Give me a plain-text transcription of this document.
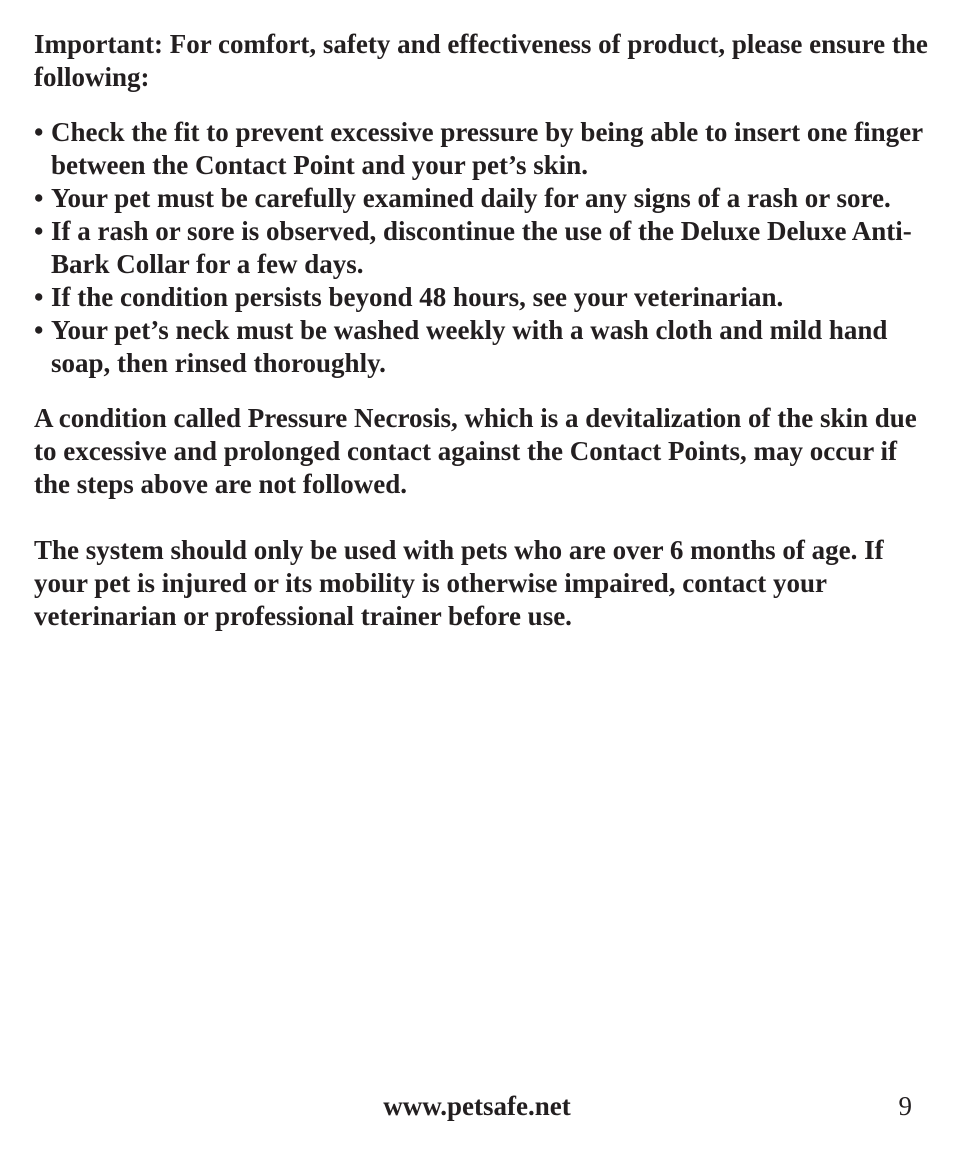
Important: For comfort, safety and effectiveness of product, please ensure the following:

• Check the fit to prevent excessive pressure by being able to insert one finger between the Contact Point and your pet’s skin.
• Your pet must be carefully examined daily for any signs of a rash or sore.
• If a rash or sore is observed, discontinue the use of the Deluxe Deluxe Anti-Bark Collar for a few days.
• If the condition persists beyond 48 hours, see your veterinarian.
• Your pet’s neck must be washed weekly with a wash cloth and mild hand soap, then rinsed thoroughly.

A condition called Pressure Necrosis, which is a devitalization of the skin due to excessive and prolonged contact against the Contact Points, may occur if the steps above are not followed.

The system should only be used with pets who are over 6 months of age. If your pet is injured or its mobility is otherwise impaired, contact your veterinarian or professional trainer before use.

www.petsafe.net	9
